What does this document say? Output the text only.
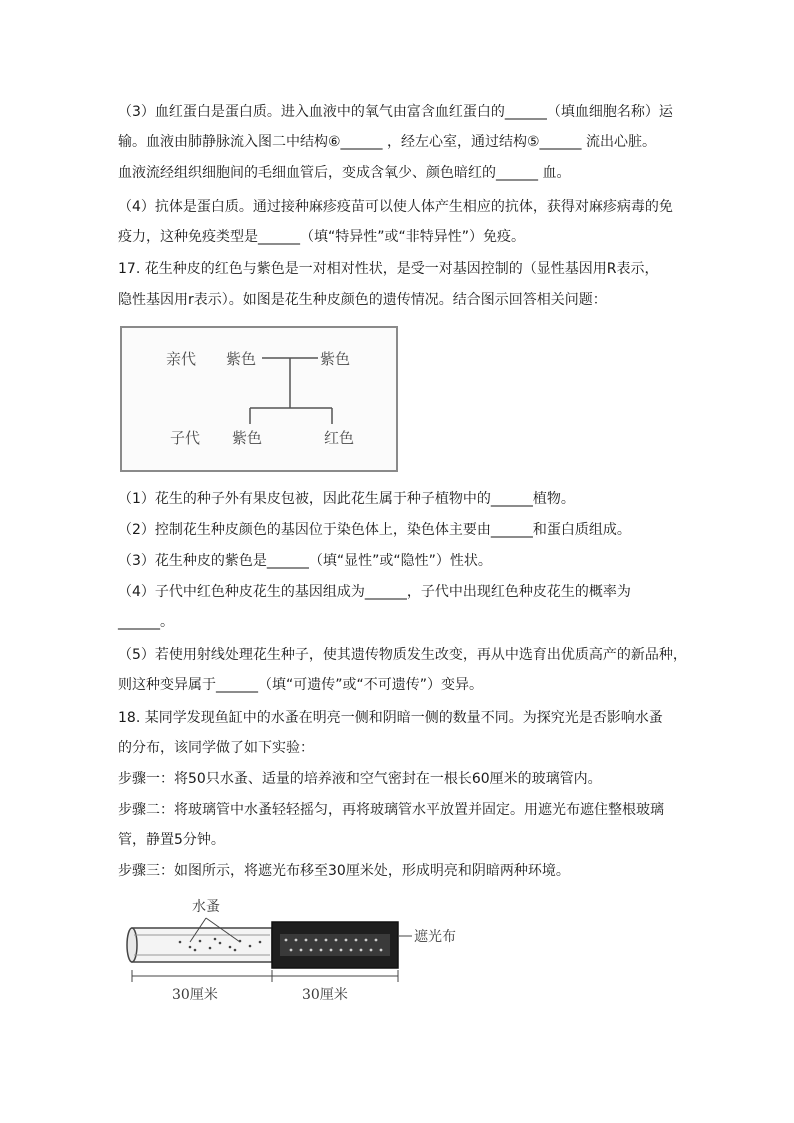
（3）血红蛋白是蛋白质。进入血液中的氧气由富含血红蛋白的______（填血细胞名称）运
输。血液由肺静脉流入图二中结构⑥______ ，经左心室，通过结构⑤______ 流出心脏。
血液流经组织细胞间的毛细血管后，变成含氧少、颜色暗红的______ 血。
（4）抗体是蛋白质。通过接种麻疹疫苗可以使人体产生相应的抗体，获得对麻疹病毒的免
疫力，这种免疫类型是______（填“特异性”或“非特异性”）免疫。
17. 花生种皮的红色与紫色是一对相对性状，是受一对基因控制的（显性基因用R表示，
隐性基因用r表示）。如图是花生种皮颜色的遗传情况。结合图示回答相关问题：
亲代 紫色	紫色
子代 紫色	红色
（1）花生的种子外有果皮包被，因此花生属于种子植物中的______植物。
（2）控制花生种皮颜色的基因位于染色体上，染色体主要由______和蛋白质组成。
（3）花生种皮的紫色是______（填“显性”或“隐性”）性状。
（4）子代中红色种皮花生的基因组成为______，子代中出现红色种皮花生的概率为
______。
（5）若使用射线处理花生种子，使其遗传物质发生改变，再从中选育出优质高产的新品种，
则这种变异属于______（填“可遗传”或“不可遗传”）变异。
18. 某同学发现鱼缸中的水蚤在明亮一侧和阴暗一侧的数量不同。为探究光是否影响水蚤
的分布，该同学做了如下实验：
步骤一：将50只水蚤、适量的培养液和空气密封在一根长60厘米的玻璃管内。
步骤二：将玻璃管中水蚤轻轻摇匀，再将玻璃管水平放置并固定。用遮光布遮住整根玻璃
管，静置5分钟。
步骤三：如图所示，将遮光布移至30厘米处，形成明亮和阴暗两种环境。
水蚤
遮光布
30厘米	30厘米
